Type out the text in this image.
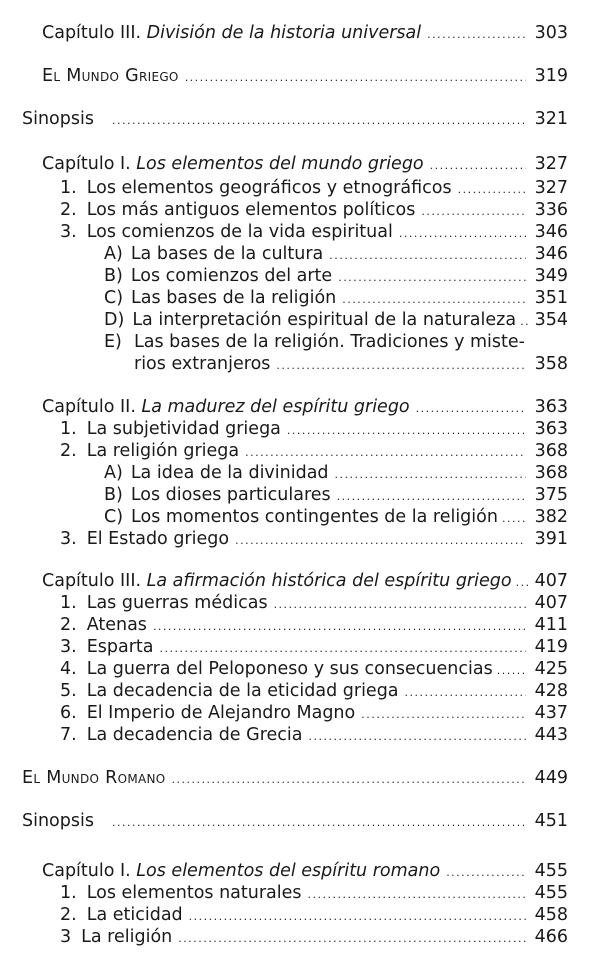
Capítulo III. División de la historia universal .....	303
El Mundo Griego .....	319
Sinopsis .....	321
Capítulo I. Los elementos del mundo griego .....	327
1. Los elementos geográficos y etnográficos .....	327
2. Los más antiguos elementos políticos .....	336
3. Los comienzos de la vida espiritual .....	346
A) La bases de la cultura .....	346
B) Los comienzos del arte .....	349
C) Las bases de la religión .....	351
D) La interpretación espiritual de la naturaleza ..... 354
E) Las bases de la religión. Tradiciones y miste-
rios extranjeros .....	358
Capítulo II. La madurez del espíritu griego .....	363
1. La subjetividad griega .....	363
2. La religión griega .....	368
A) La idea de la divinidad .....	368
B) Los dioses particulares .....	375
C) Los momentos contingentes de la religión ..... 382
3. El Estado griego .....	391
Capítulo III. La afirmación histórica del espíritu griego ..... 407
1. Las guerras médicas .....	407
2. Atenas .....	411
3. Esparta .....	419
4. La guerra del Peloponeso y sus consecuencias ..... 425
5. La decadencia de la eticidad griega .....	428
6. El Imperio de Alejandro Magno .....	437
7. La decadencia de Grecia .....	443
El Mundo Romano .....	449
Sinopsis .....	451
Capítulo I. Los elementos del espíritu romano .....	455
1. Los elementos naturales .....	455
2. La eticidad .....	458
3 La religión .....	466
